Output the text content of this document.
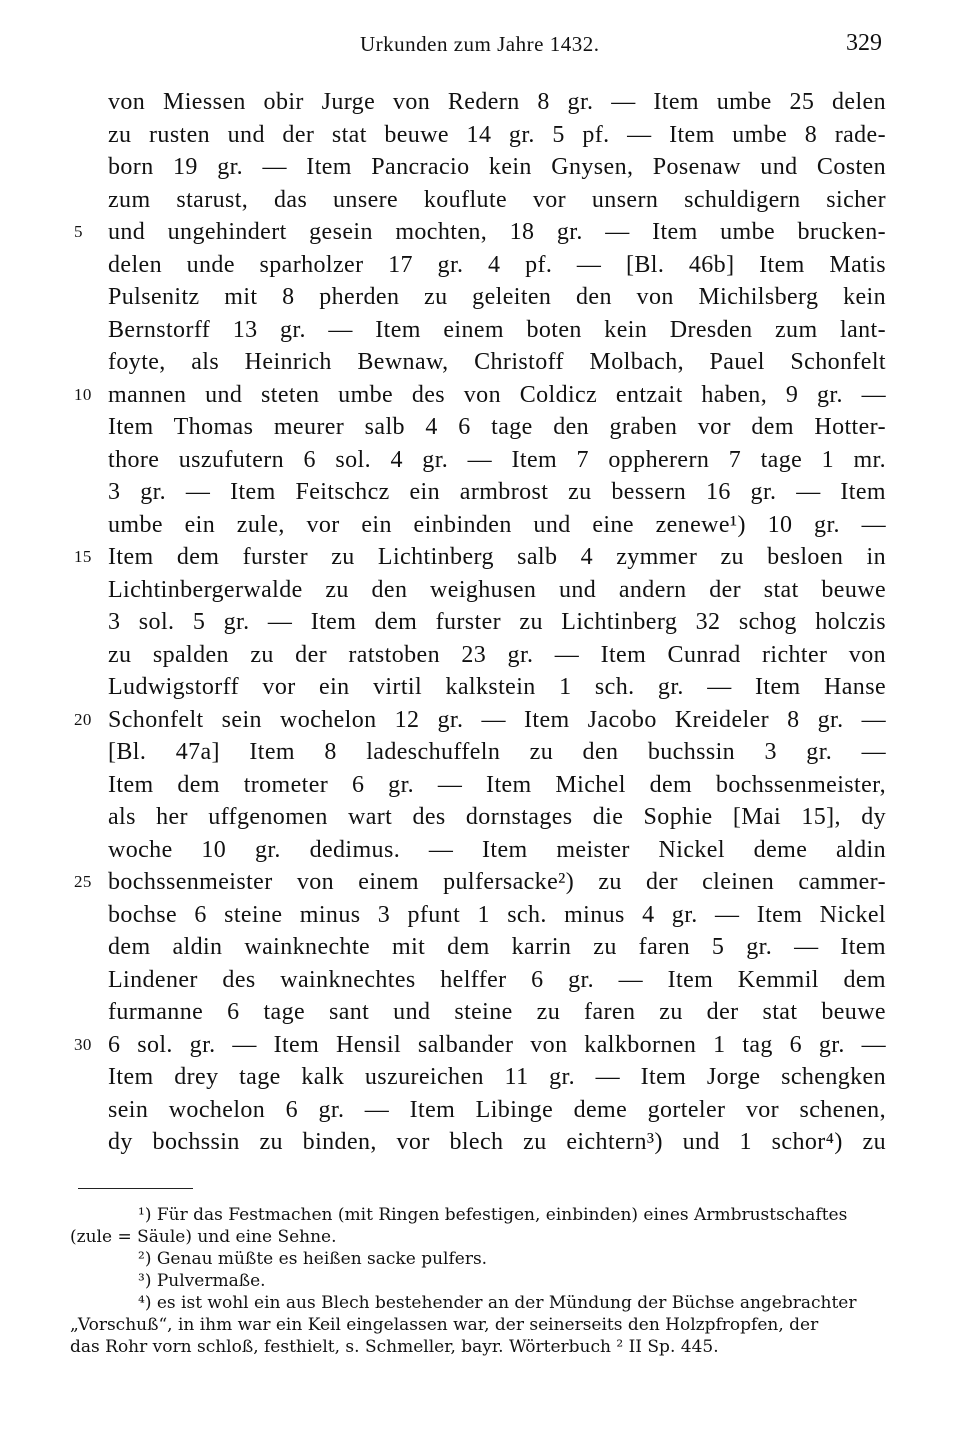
Urkunden zum Jahre 1432.	329
von Miessen obir Jurge von Redern 8 gr. — Item umbe 25 delen
zu rusten und der stat beuwe 14 gr. 5 pf. — Item umbe 8 rade-
born 19 gr. — Item Pancracio kein Gnysen, Posenaw und Costen
zum starust, das unsere kouflute vor unsern schuldigern sicher
5	und ungehindert gesein mochten, 18 gr. — Item umbe brucken-
delen unde sparholzer 17 gr. 4 pf. — [Bl. 46b] Item Matis
Pulsenitz mit 8 pherden zu geleiten den von Michilsberg kein
Bernstorff 13 gr. — Item einem boten kein Dresden zum lant-
foyte, als Heinrich Bewnaw, Christoff Molbach, Pauel Schonfelt
10 mannen und steten umbe des von Coldicz entzait haben, 9 gr. —
Item Thomas meurer salb 4 6 tage den graben vor dem Hotter-
thore uszufutern 6 sol. 4 gr. — Item 7 oppherern 7 tage 1 mr.
3 gr. — Item Feitschcz ein armbrost zu bessern 16 gr. — Item
umbe ein zule, vor ein einbinden und eine zenewe¹) 10 gr. —
15 Item dem furster zu Lichtinberg salb 4 zymmer zu besloen in
Lichtinbergerwalde zu den weighusen und andern der stat beuwe
3 sol. 5 gr. — Item dem furster zu Lichtinberg 32 schog holczis
zu spalden zu der ratstoben 23 gr. — Item Cunrad richter von
Ludwigstorff vor ein virtil kalkstein 1 sch. gr. — Item Hanse
20 Schonfelt sein wochelon 12 gr. — Item Jacobo Kreideler 8 gr. —
[Bl. 47a] Item 8 ladeschuffeln zu den buchssin 3 gr. —
Item dem trometer 6 gr. — Item Michel dem bochssenmeister,
als her uffgenomen wart des dornstages die Sophie [Mai 15], dy
woche 10 gr. dedimus. — Item meister Nickel deme aldin
25 bochssenmeister von einem pulfersacke²) zu der cleinen cammer-
bochse 6 steine minus 3 pfunt 1 sch. minus 4 gr. — Item Nickel
dem aldin wainknechte mit dem karrin zu faren 5 gr. — Item
Lindener des wainknechtes helffer 6 gr. — Item Kemmil dem
furmanne 6 tage sant und steine zu faren zu der stat beuwe
30 6 sol. gr. — Item Hensil salbander von kalkbornen 1 tag 6 gr. —
Item drey tage kalk uszureichen 11 gr. — Item Jorge schengken
sein wochelon 6 gr. — Item Libinge deme gorteler vor schenen,
dy bochssin zu binden, vor blech zu eichtern³) und 1 schor⁴) zu
¹) Für das Festmachen (mit Ringen befestigen, einbinden) eines Armbrustschaftes
(zule = Säule) und eine Sehne.
²) Genau müßte es heißen sacke pulfers.
³) Pulvermaße.
⁴) es ist wohl ein aus Blech bestehender an der Mündung der Büchse angebrachter
„Vorschuß“, in ihm war ein Keil eingelassen war, der seinerseits den Holzpfropfen, der
das Rohr vorn schloß, festhielt, s. Schmeller, bayr. Wörterbuch ² II Sp. 445.
